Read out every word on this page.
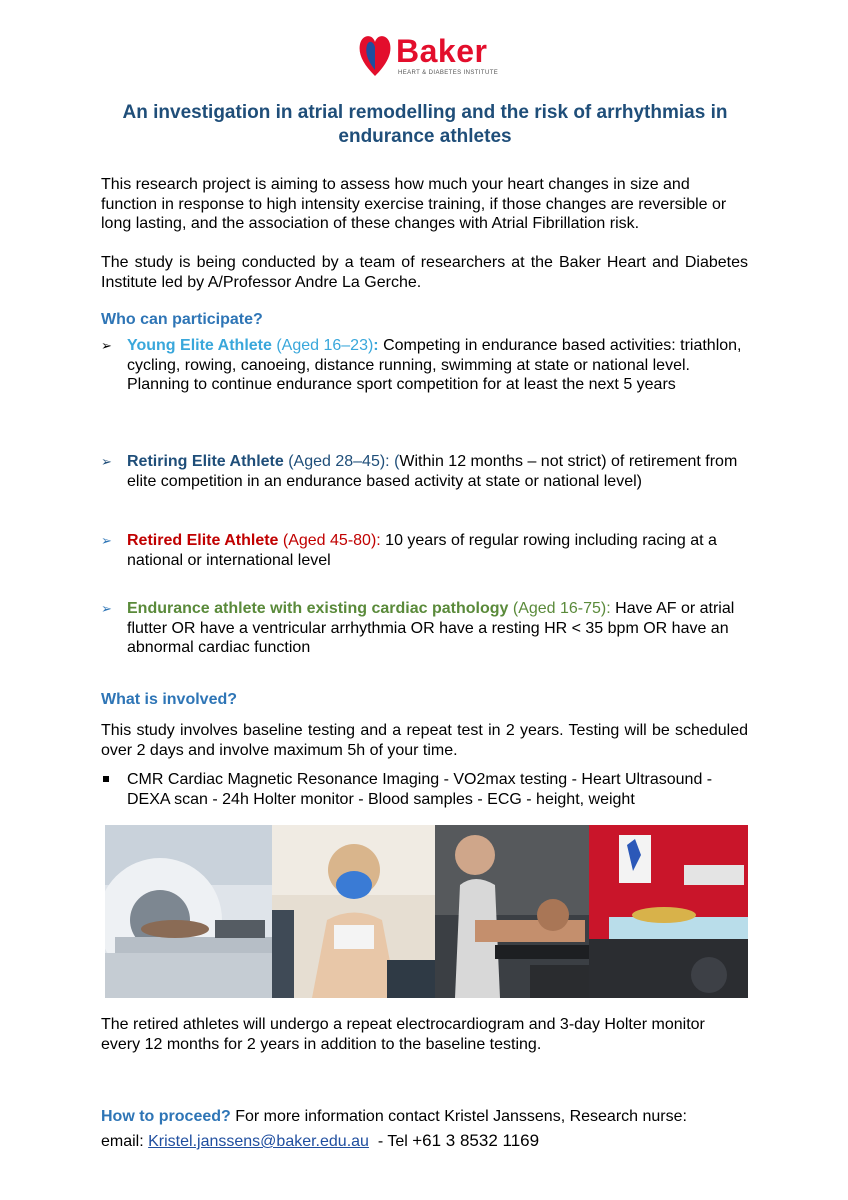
Baker
HEART & DIABETES INSTITUTE
An investigation in atrial remodelling and the risk of arrhythmias in endurance athletes
This research project is aiming to assess how much your heart changes in size and function in response to high intensity exercise training, if those changes are reversible or long lasting, and the association of these changes with Atrial Fibrillation risk.
The study is being conducted by a team of researchers at the Baker Heart and Diabetes Institute led by A/Professor Andre La Gerche.
Who can participate?
➢ Young Elite Athlete (Aged 16–23): Competing in endurance based activities: triathlon, cycling, rowing, canoeing, distance running, swimming at state or national level. Planning to continue endurance sport competition for at least the next 5 years
➢ Retiring Elite Athlete (Aged 28–45): (Within 12 months – not strict) of retirement from elite competition in an endurance based activity at state or national level)
➢ Retired Elite Athlete (Aged 45-80): 10 years of regular rowing including racing at a national or international level
➢ Endurance athlete with existing cardiac pathology (Aged 16-75): Have AF or atrial flutter OR have a ventricular arrhythmia OR have a resting HR < 35 bpm OR have an abnormal cardiac function
What is involved?
This study involves baseline testing and a repeat test in 2 years. Testing will be scheduled over 2 days and involve maximum 5h of your time.
CMR Cardiac Magnetic Resonance Imaging - VO2max testing - Heart Ultrasound - DEXA scan - 24h Holter monitor - Blood samples - ECG - height, weight
The retired athletes will undergo a repeat electrocardiogram and 3-day Holter monitor every 12 months for 2 years in addition to the baseline testing.
How to proceed? For more information contact Kristel Janssens, Research nurse:
email: Kristel.janssens@baker.edu.au  - Tel +61 3 8532 1169
